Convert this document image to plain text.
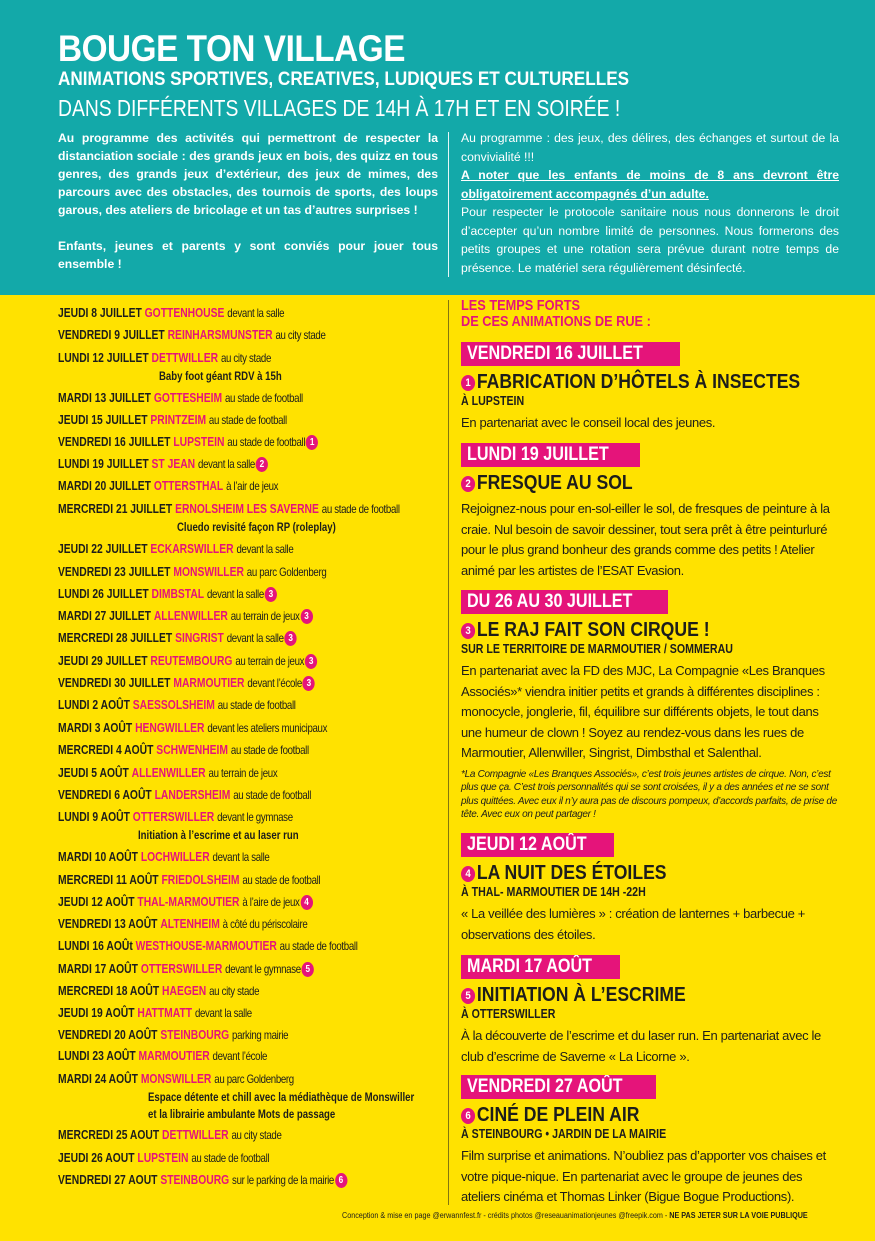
BOUGE TON VILLAGE
ANIMATIONS SPORTIVES, CREATIVES, LUDIQUES ET CULTURELLES
DANS DIFFÉRENTS VILLAGES DE 14H À 17H ET EN SOIRÉE !

Au programme des activités qui permettront de respecter la distanciation sociale : des grands jeux en bois, des quizz en tous genres, des grands jeux d’extérieur, des jeux de mimes, des parcours avec des obstacles, des tournois de sports, des loups garous, des ateliers de bricolage et un tas d’autres surprises !

Enfants, jeunes et parents y sont conviés pour jouer tous ensemble !

Au programme : des jeux, des délires, des échanges et surtout de la convivialité !!!
A noter que les enfants de moins de 8 ans devront être obligatoirement accompagnés d’un adulte.
Pour respecter le protocole sanitaire nous nous donnerons le droit d’accepter qu’un nombre limité de personnes. Nous formerons des petits groupes et une rotation sera prévue durant notre temps de présence. Le matériel sera régulièrement désinfecté.
JEUDI 8 JUILLET GOTTENHOUSE devant la salle
VENDREDI 9 JUILLET REINHARSMUNSTER au city stade
LUNDI 12 JUILLET DETTWILLER au city stade
MARDI 13 JUILLET GOTTESHEIM au stade de football
JEUDI 15 JUILLET PRINTZEIM au stade de football
VENDREDI 16 JUILLET LUPSTEIN au stade de football 1
LUNDI 19 JUILLET ST JEAN devant la salle 2
MARDI 20 JUILLET OTTERSTHAL à l’air de jeux
MERCREDI 21 JUILLET ERNOLSHEIM LES SAVERNE au stade de football
JEUDI 22 JUILLET ECKARSWILLER devant la salle
VENDREDI 23 JUILLET MONSWILLER au parc Goldenberg
LUNDI 26 JUILLET DIMBSTAL devant la salle 3
MARDI 27 JUILLET ALLENWILLER au terrain de jeux 3
MERCREDI 28 JUILLET SINGRIST devant la salle 3
JEUDI 29 JUILLET REUTEMBOURG au terrain de jeux 3
VENDREDI 30 JUILLET MARMOUTIER devant l’école 3
LUNDI 2 AOÛT SAESSOLSHEIM au stade de football
MARDI 3 AOÛT HENGWILLER devant les ateliers municipaux
MERCREDI 4 AOÛT SCHWENHEIM au stade de football
JEUDI 5 AOÛT ALLENWILLER au terrain de jeux
VENDREDI 6 AOÛT LANDERSHEIM au stade de football
LUNDI 9 AOÛT OTTERSWILLER devant le gymnase
MARDI 10 AOÛT LOCHWILLER devant la salle
MERCREDI 11 AOÛT FRIEDOLSHEIM au stade de football
JEUDI 12 AOÛT THAL-MARMOUTIER à l’aire de jeux 4
VENDREDI 13 AOÛT ALTENHEIM à côté du périscolaire
LUNDI 16 AOÛt WESTHOUSE-MARMOUTIER au stade de football
MARDI 17 AOÛT OTTERSWILLER devant le gymnase 5
MERCREDI 18 AOÛT HAEGEN au city stade
JEUDI 19 AOÛT HATTMATT devant la salle
VENDREDI 20 AOÛT STEINBOURG parking mairie
LUNDI 23 AOÛT MARMOUTIER devant l’école
MARDI 24 AOÛT MONSWILLER au parc Goldenberg
MERCREDI 25 AOUT DETTWILLER au city stade
JEUDI 26 AOUT LUPSTEIN au stade de football
VENDREDI 27 AOUT STEINBOURG sur le parking de la mairie 6
Baby foot géant RDV à 15h
Cluedo revisité façon RP (roleplay)
Initiation à l’escrime et au laser run
Espace détente et chill avec la médiathèque de Monswiller
et la librairie ambulante Mots de passage
LES TEMPS FORTS
DE CES ANIMATIONS DE RUE :
VENDREDI 16 JUILLET
1 FABRICATION D’HÔTELS À INSECTES
À LUPSTEIN
En partenariat avec le conseil local des jeunes.
LUNDI 19 JUILLET
2 FRESQUE AU SOL
Rejoignez-nous pour en-sol-eiller le sol, de fresques de peinture à la craie. Nul besoin de savoir dessiner, tout sera prêt à être peinturluré pour le plus grand bonheur des grands comme des petits ! Atelier animé par les artistes de l’ESAT Evasion.
DU 26 AU 30 JUILLET
3 LE RAJ FAIT SON CIRQUE !
SUR LE TERRITOIRE DE MARMOUTIER / SOMMERAU
En partenariat avec la FD des MJC, La Compagnie «Les Branques Associés»* viendra initier petits et grands à différentes disciplines : monocycle, jonglerie, fil, équilibre sur différents objets, le tout dans une humeur de clown ! Soyez au rendez-vous dans les rues de Marmoutier, Allenwiller, Singrist, Dimbsthal et Salenthal.
*La Compagnie «Les Branques Associés», c’est trois jeunes artistes de cirque. Non, c’est plus que ça. C’est trois personnalités qui se sont croisées, il y a des années et ne se sont plus quittées. Avec eux il n’y aura pas de discours pompeux, d’accords parfaits, de prise de tête. Avec eux on peut partager !
JEUDI 12 AOÛT
4 LA NUIT DES ÉTOILES
À THAL- MARMOUTIER DE 14H -22H
« La veillée des lumières » : création de lanternes + barbecue + observations des étoiles.
MARDI 17 AOÛT
5 INITIATION À L’ESCRIME
À OTTERSWILLER
À la découverte de l’escrime et du laser run. En partenariat avec le club d’escrime de Saverne « La Licorne ».
VENDREDI 27 AOÛT
6 CINÉ DE PLEIN AIR
À STEINBOURG • JARDIN DE LA MAIRIE
Film surprise et animations. N’oubliez pas d’apporter vos chaises et votre pique-nique. En partenariat avec le groupe de jeunes des ateliers cinéma et Thomas Linker (Bigue Bogue Productions).
Conception & mise en page @erwannfest.fr - crédits photos @reseauanimationjeunes @freepik.com - NE PAS JETER SUR LA VOIE PUBLIQUE
